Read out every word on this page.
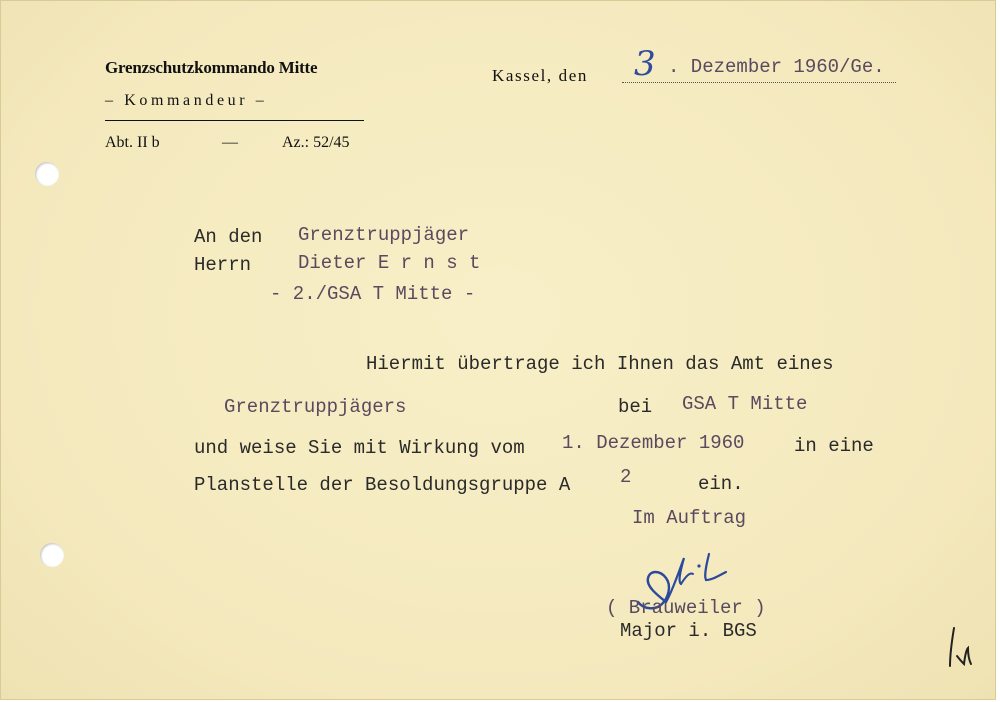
Grenzschutzkommando Mitte
– Kommandeur –
Abt. II b	—	Az.: 52/45
Kassel, den 3 . Dezember 1960/Ge.
An den Grenztruppjäger
Herrn Dieter E r n s t
- 2./GSA T Mitte -
Hiermit übertrage ich Ihnen das Amt eines
Grenztruppjägers	bei GSA T Mitte
und weise Sie mit Wirkung vom 1. Dezember 1960	in eine
Planstelle der Besoldungsgruppe A	2	ein.
Im Auftrag
( Brauweiler )
Major i. BGS
